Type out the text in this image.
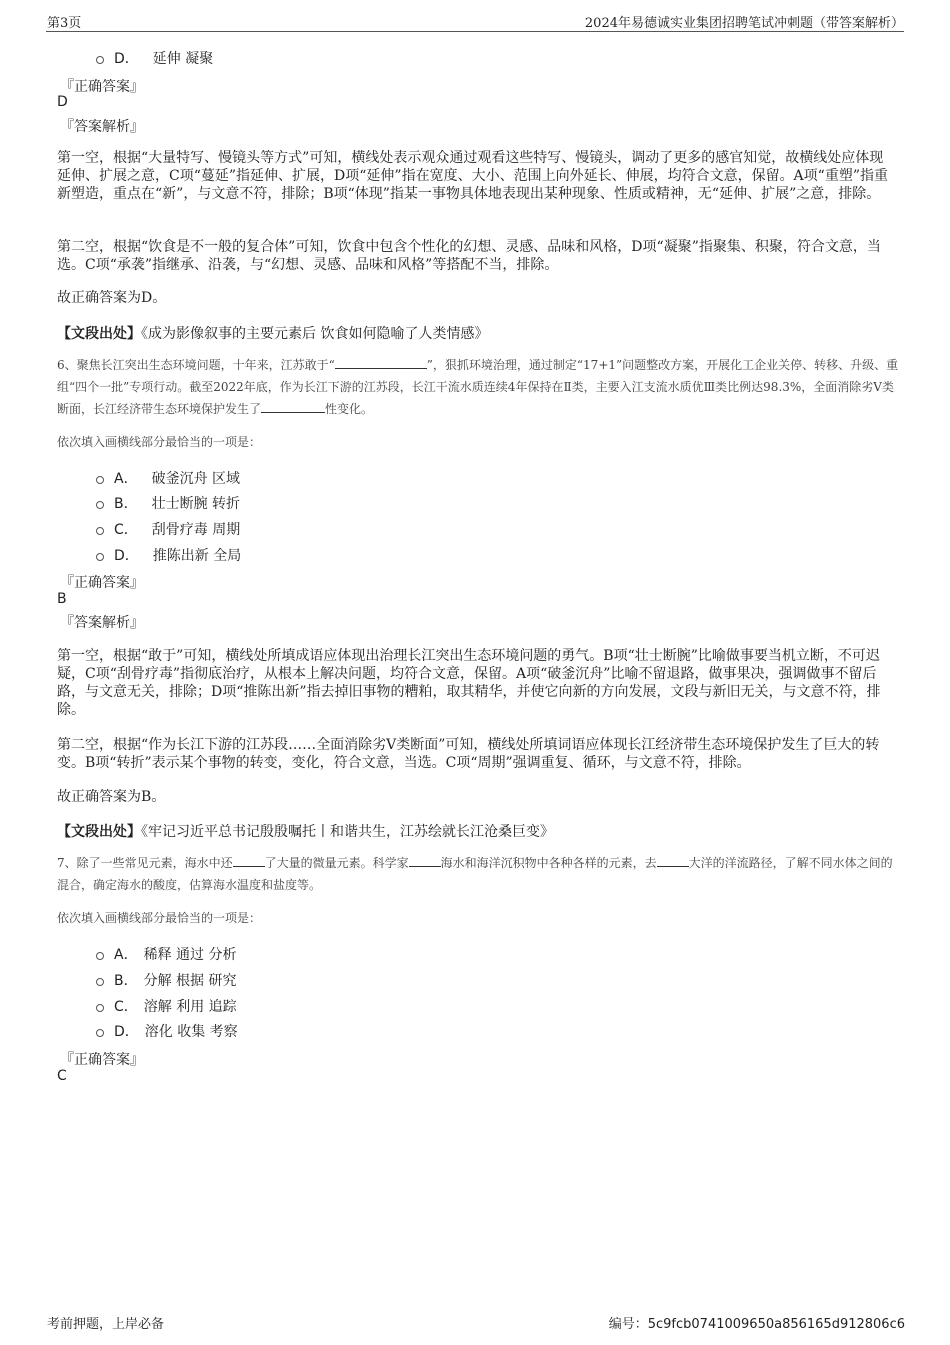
第3页	2024年易德诚实业集团招聘笔试冲刺题（带答案解析）
D． 延伸 凝聚
『正确答案』
D
『答案解析』
第一空，根据“大量特写、慢镜头等方式”可知，横线处表示观众通过观看这些特写、慢镜头，调动了更多的感官知觉，故横线处应体现延伸、扩展之意，C项“蔓延”指延伸、扩展，D项“延伸”指在宽度、大小、范围上向外延长、伸展，均符合文意，保留。A项“重塑”指重新塑造，重点在“新”，与文意不符，排除；B项“体现”指某一事物具体地表现出某种现象、性质或精神，无“延伸、扩展”之意，排除。
第二空，根据“饮食是不一般的复合体”可知，饮食中包含个性化的幻想、灵感、品味和风格，D项“凝聚”指聚集、积聚，符合文意，当选。C项“承袭”指继承、沿袭，与“幻想、灵感、品味和风格”等搭配不当，排除。
故正确答案为D。
【文段出处】《成为影像叙事的主要元素后 饮食如何隐喻了人类情感》
6、聚焦长江突出生态环境问题，十年来，江苏敢于“	”，狠抓环境治理，通过制定“17+1”问题整改方案，开展化工企业关停、转移、升级、重组“四个一批”专项行动。截至2022年底，作为长江下游的江苏段，长江干流水质连续4年保持在Ⅱ类，主要入江支流水质优Ⅲ类比例达98.3%，全面消除劣Ⅴ类断面，长江经济带生态环境保护发生了	性变化。
依次填入画横线部分最恰当的一项是：
A． 破釜沉舟 区域
B． 壮士断腕 转折
C． 刮骨疗毒 周期
D． 推陈出新 全局
『正确答案』
B
『答案解析』
第一空，根据“敢于”可知，横线处所填成语应体现出治理长江突出生态环境问题的勇气。B项“壮士断腕”比喻做事要当机立断，不可迟疑，C项“刮骨疗毒”指彻底治疗，从根本上解决问题，均符合文意，保留。A项“破釜沉舟”比喻不留退路，做事果决，强调做事不留后路，与文意无关，排除；D项“推陈出新”指去掉旧事物的糟粕，取其精华，并使它向新的方向发展，文段与新旧无关，与文意不符，排除。
第二空，根据“作为长江下游的江苏段……全面消除劣Ⅴ类断面”可知，横线处所填词语应体现长江经济带生态环境保护发生了巨大的转变。B项“转折”表示某个事物的转变，变化，符合文意，当选。C项“周期”强调重复、循环，与文意不符，排除。
故正确答案为B。
【文段出处】《牢记习近平总书记殷殷嘱托丨和谐共生，江苏绘就长江沧桑巨变》
7、除了一些常见元素，海水中还	了大量的微量元素。科学家	海水和海洋沉积物中各种各样的元素，去	大洋的洋流路径，了解不同水体之间的混合，确定海水的酸度，估算海水温度和盐度等。
依次填入画横线部分最恰当的一项是：
A． 稀释 通过 分析
B． 分解 根据 研究
C． 溶解 利用 追踪
D． 溶化 收集 考察
『正确答案』
C
考前押题，上岸必备	编号：5c9fcb0741009650a856165d912806c6
